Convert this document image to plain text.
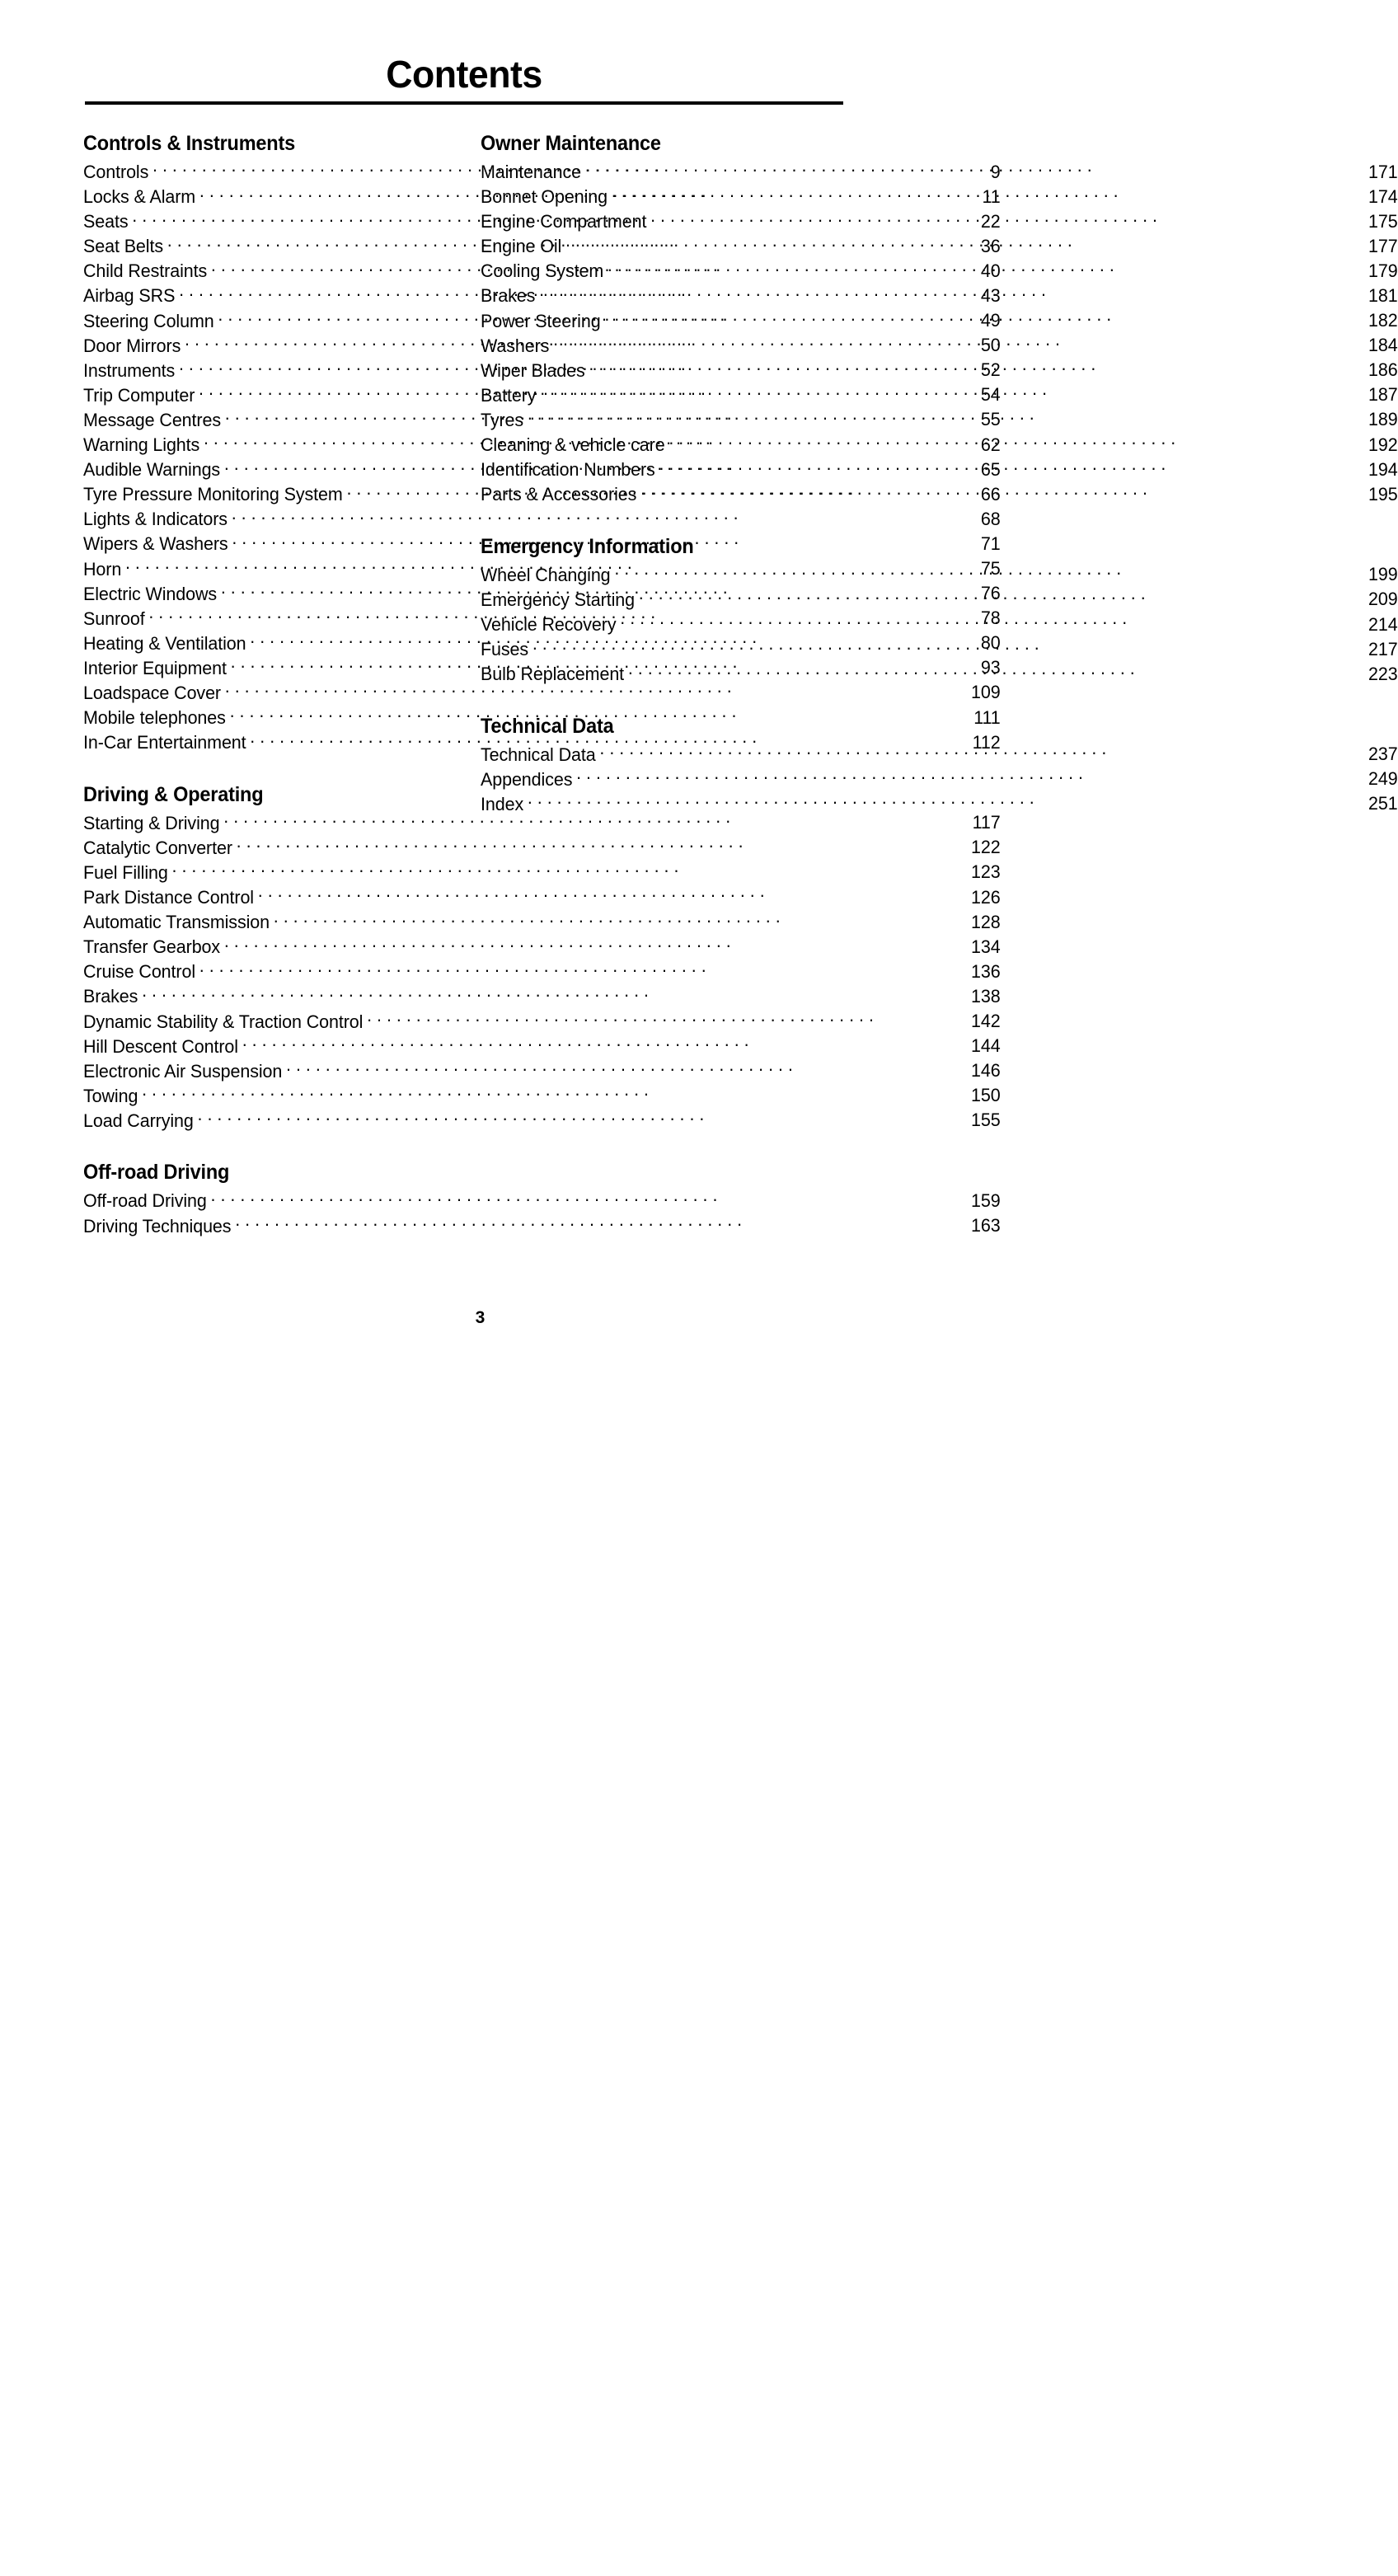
Contents
Controls & Instruments
Controls . . .	9
Locks & Alarm . . .	11
Seats . . .	22
Seat Belts . . .	36
Child Restraints . . .	40
Airbag SRS . . .	43
Steering Column . . .	49
Door Mirrors . . .	50
Instruments . . .	52
Trip Computer . . .	54
Message Centres . . .	55
Warning Lights . . .	62
Audible Warnings . . .	65
Tyre Pressure Monitoring System . . .	66
Lights & Indicators . . .	68
Wipers & Washers . . .	71
Horn . . .	75
Electric Windows . . .	76
Sunroof . . .	78
Heating & Ventilation . . .	80
Interior Equipment . . .	93
Loadspace Cover . . .	109
Mobile telephones . . .	111
In-Car Entertainment . . .	112
Driving & Operating
Starting & Driving . . .	117
Catalytic Converter . . .	122
Fuel Filling . . .	123
Park Distance Control . . .	126
Automatic Transmission . . .	128
Transfer Gearbox . . .	134
Cruise Control . . .	136
Brakes . . .	138
Dynamic Stability & Traction Control . . .	142
Hill Descent Control . . .	144
Electronic Air Suspension . . .	146
Towing . . .	150
Load Carrying . . .	155
Off-road Driving
Off-road Driving . . .	159
Driving Techniques . . .	163
Owner Maintenance
Maintenance . . .	171
Bonnet Opening . . .	174
Engine Compartment . . .	175
Engine Oil . . .	177
Cooling System . . .	179
Brakes . . .	181
Power Steering . . .	182
Washers . . .	184
Wiper Blades . . .	186
Battery . . .	187
Tyres . . .	189
Cleaning & vehicle care . . .	192
Identification Numbers . . .	194
Parts & Accessories . . .	195
Emergency Information
Wheel Changing . . .	199
Emergency Starting . . .	209
Vehicle Recovery . . .	214
Fuses . . .	217
Bulb Replacement . . .	223
Technical Data
Technical Data . . .	237
Appendices . . .	249
Index . . .	251
3
